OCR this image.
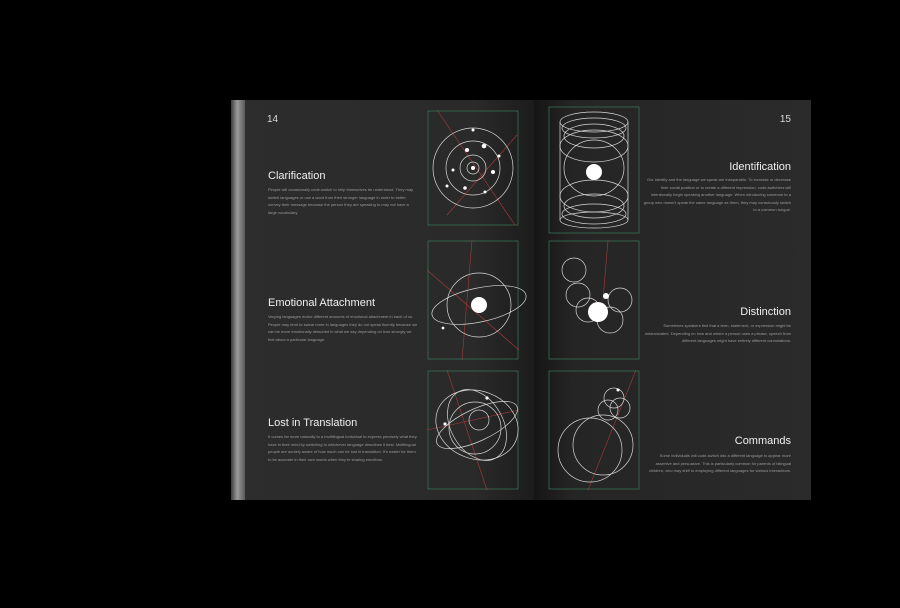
14
Clarification
People will occasionally code-switch to help themselves be understood. They may switch languages or use a word from their stronger language in order to better convey their message because the person they are speaking to may not have a large vocabulary.
Emotional Attachment
Varying languages evoke different amounts of emotional attachment in each of us. People may tend to swear more in languages they do not speak fluently because we can be more emotionally detached in what we say depending on how strongly we feel about a particular language.
Lost in Translation
It comes far more naturally to a multilingual individual to express precisely what they have in their mind by switching to whichever language describes it best. Multilingual people are acutely aware of how much can be lost in translation. It's easier for them to be accurate in their own words when they're sharing emotions.
15
Identification
Our identity and the language we speak are inseparable. To increase or decrease their social position or to create a different impression, code-switchers will intentionally begin speaking another language. When introducing someone to a group who doesn't speak the same language as them, they may consciously switch to a common tongue.
Distinction
Sometimes speakers find that a term, statement, or expression might be mistranslated. Depending on how and where a person uses a phrase, speech from different languages might have entirely different connotations.
Commands
Some individuals will code-switch into a different language to appear more assertive and persuasive. This is particularly common for parents of bilingual children, who may shift to employing different languages for various interactions.
